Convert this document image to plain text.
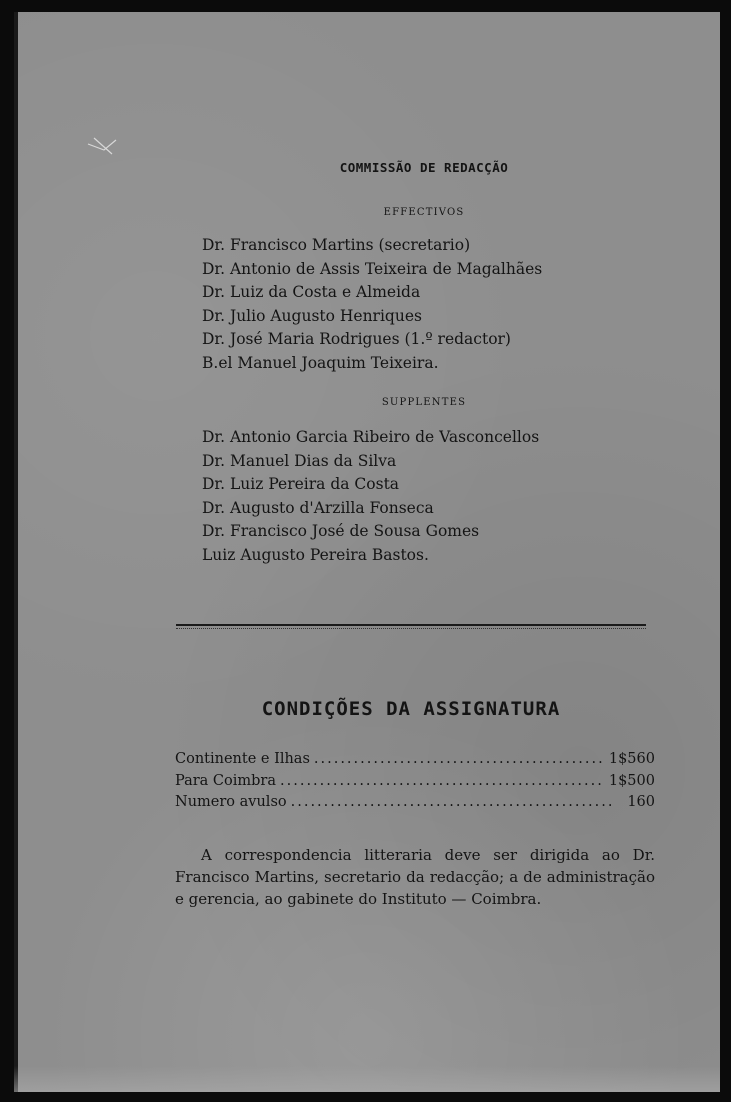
COMMISSÃO DE REDACÇÃO
EFFECTIVOS
Dr. Francisco Martins (secretario)
Dr. Antonio de Assis Teixeira de Magalhães
Dr. Luiz da Costa e Almeida
Dr. Julio Augusto Henriques
Dr. José Maria Rodrigues (1.º redactor)
B.el Manuel Joaquim Teixeira.
SUPPLENTES
Dr. Antonio Garcia Ribeiro de Vasconcellos
Dr. Manuel Dias da Silva
Dr. Luiz Pereira da Costa
Dr. Augusto d'Arzilla Fonseca
Dr. Francisco José de Sousa Gomes
Luiz Augusto Pereira Bastos.
CONDIÇÕES DA ASSIGNATURA
Continente e Ilhas .....	1$560
Para Coimbra .....	1$500
Numero avulso .....	160

A correspondencia litteraria deve ser dirigida ao Dr. Francisco Martins, secretario da redacção; a de administração e gerencia, ao gabinete do Instituto — Coimbra.
